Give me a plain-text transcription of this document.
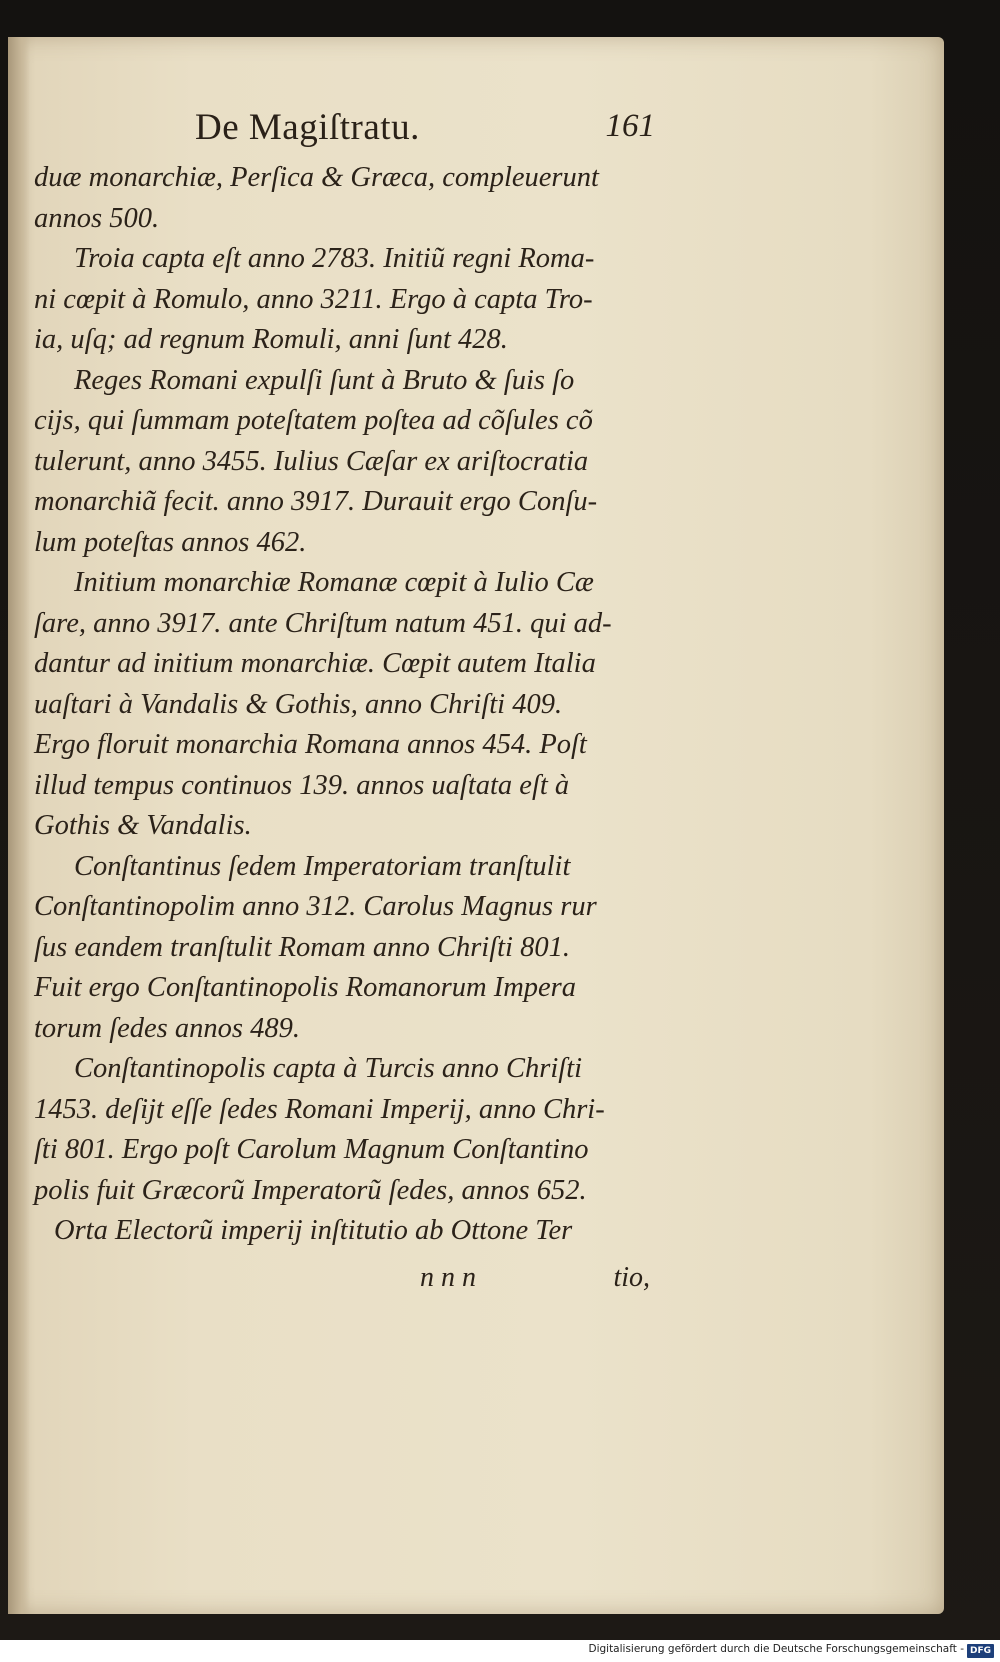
De Magiſtratu.	161
duæ monarchiæ, Perſica & Græca, compleuerunt
annos 500.
Troia capta eſt anno 2783. Initiũ regni Roma-
ni cœpit à Romulo, anno 3211. Ergo à capta Tro-
ia, uſq; ad regnum Romuli, anni ſunt 428.
Reges Romani expulſi ſunt à Bruto & ſuis ſo
cijs, qui ſummam poteſtatem poſtea ad cõſules cõ
tulerunt, anno 3455. Iulius Cæſar ex ariſtocratia
monarchiã fecit. anno 3917. Durauit ergo Conſu-
lum poteſtas annos 462.
Initium monarchiæ Romanæ cœpit à Iulio Cæ
ſare, anno 3917. ante Chriſtum natum 451. qui ad-
dantur ad initium monarchiæ. Cœpit autem Italia
uaſtari à Vandalis & Gothis, anno Chriſti 409.
Ergo floruit monarchia Romana annos 454. Poſt
illud tempus continuos 139. annos uaſtata eſt à
Gothis & Vandalis.
Conſtantinus ſedem Imperatoriam tranſtulit
Conſtantinopolim anno 312. Carolus Magnus rur
ſus eandem tranſtulit Romam anno Chriſti 801.
Fuit ergo Conſtantinopolis Romanorum Impera
torum ſedes annos 489.
Conſtantinopolis capta à Turcis anno Chriſti
1453. deſijt eſſe ſedes Romani Imperij, anno Chri-
ſti 801. Ergo poſt Carolum Magnum Conſtantino
polis fuit Græcorũ Imperatorũ ſedes, annos 652.
Orta Electorũ imperij inſtitutio ab Ottone Ter
n n n	tio,
Digitalisierung gefördert durch die Deutsche Forschungsgemeinschaft - DFG
